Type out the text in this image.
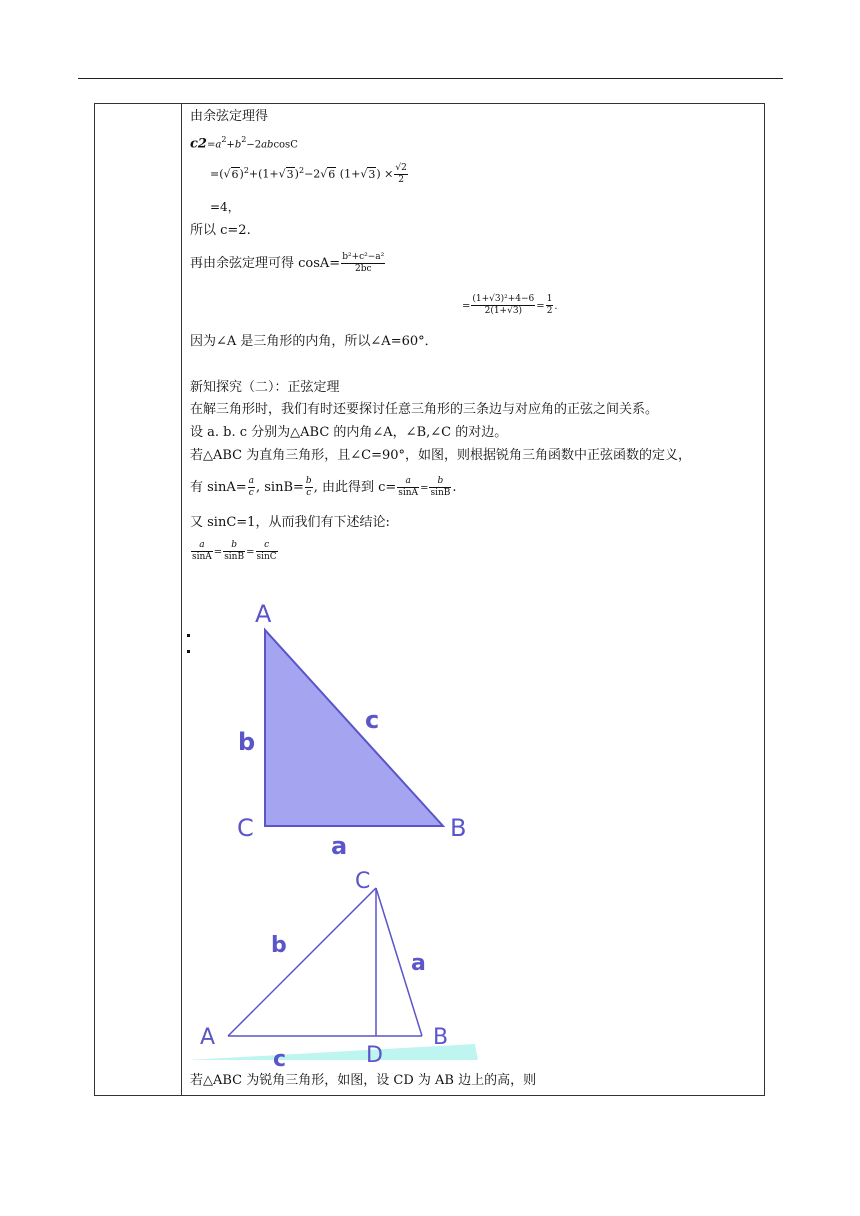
由余弦定理得
$c2=a^2+b^2-2abcosC$
$=(√6)^2+(1+√3)^2-2√6$ $(1+√3) \times \frac{√2}{2}$
=4，
所以 c=2.
再由余弦定理可得 $\cos A= \frac{\text{b²+c²−a²}}{2bc}$
= $\frac{\text{(1+√3)²+4−6}}{2(1+√3)} = \frac{1}{2}$ .
因为∠A 是三角形的内角，所以∠A=60°．
新知探究（二）：正弦定理
在解三角形时，我们有时还要探讨任意三角形的三条边与对应角的正弦之间关系。
设 a. b. c 分别为△ABC 的内角∠A，∠B,∠C 的对边。
若△ABC 为直角三角形，且∠C=90°，如图，则根据锐角三角函数中正弦函数的定义，
有 $\sin A= \frac{a}{c}$ , $\sin B= \frac{b}{c}$ , 由此得到 $c= \frac{a}{\sin A} = \frac{b}{\sin B}$ .
又 sinC=1，从而我们有下述结论:
$\frac{a}{\sin A} = \frac{b}{\sin B} = \frac{c}{\sin C}$
若△ABC 为锐角三角形，如图，设 CD 为 AB 边上的高，则
A
C	B
b
c
a
C
A	B
D
b
a
c
